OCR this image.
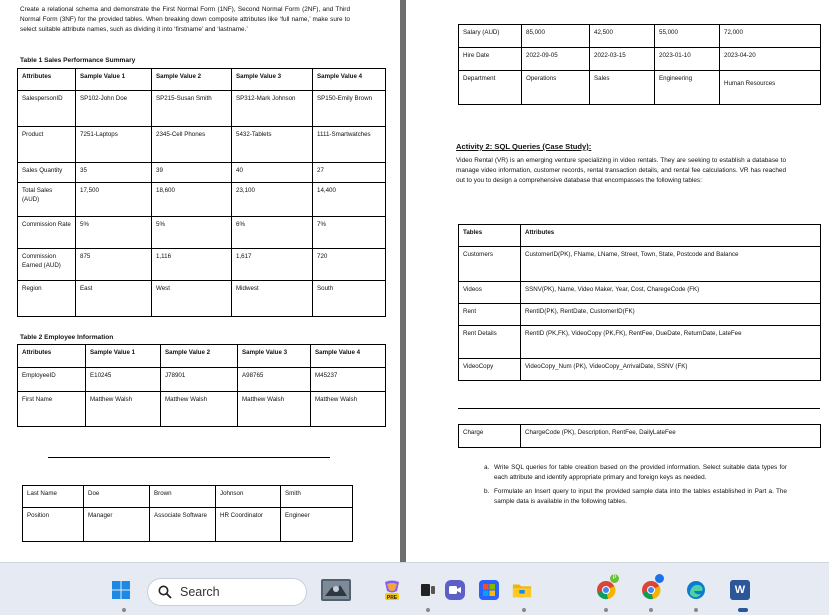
Create a relational schema and demonstrate the First Normal Form (1NF), Second Normal Form (2NF), and Third Normal Form (3NF) for the provided tables. When breaking down composite attributes like ‘full name,’ make sure to select suitable attribute names, such as dividing it into ‘firstname’ and ‘lastname.’

Table 1 Sales Performance Summary
Attributes	Sample Value 1	Sample Value 2	Sample Value 3	Sample Value 4
SalespersonID	SP102-John Doe	SP215-Susan Smith	SP312-Mark Johnson	SP150-Emily Brown
Product	7251-Laptops	2345-Cell Phones	5432-Tablets	1111-Smartwatches
Sales Quantity	35	39	40	27
Total Sales (AUD)	17,500	18,600	23,100	14,400
Commission Rate	5%	5%	6%	7%
Commission Earned (AUD)	875	1,116	1,617	720
Region	East	West	Midwest	South
Table 2 Employee Information
Attributes	Sample Value 1	Sample Value 2	Sample Value 3	Sample Value 4
EmployeeID	E10245	J78901	A98765	M45237
First Name	Matthew Walsh	Matthew Walsh	Matthew Walsh	Matthew Walsh
Last Name	Doe	Brown	Johnson	Smith
Position	Manager	Associate Software	HR Coordinator	Engineer
Salary (AUD)	85,000	42,500	55,000	72,000
Hire Date	2022-09-05	2022-03-15	2023-01-10	2023-04-20
Department	Operations	Sales	Engineering	Human Resources
Activity 2: SQL Queries (Case Study):

Video Rental (VR) is an emerging venture specializing in video rentals. They are seeking to establish a database to manage video information, customer records, rental transaction details, and rental fee calculations. VR has reached out to you to design a comprehensive database that encompasses the following tables:

Tables	Attributes
Customers	CustomerID(PK), FName, LName, Street, Town, State, Postcode and Balance
Videos	SSNV(PK), Name, Video Maker, Year, Cost, CharegeCode (FK)
Rent	RentID(PK), RentDate, CustomerID(FK)
Rent Details	RentID (PK,FK), VideoCopy (PK,FK), RentFee, DueDate, ReturnDate, LateFee
VideoCopy	VideoCopy_Num (PK), VideoCopy_ArrivalDate, SSNV (FK)
Charge	ChargeCode (PK), Description, RentFee, DailyLateFee
a. Write SQL queries for table creation based on the provided information. Select suitable data types for each attribute and identify appropriate primary and foreign keys as needed.
b. Formulate an Insert query to input the provided sample data into the tables established in Part a. The sample data is available in the following tables.
Search	PRE
P
W
